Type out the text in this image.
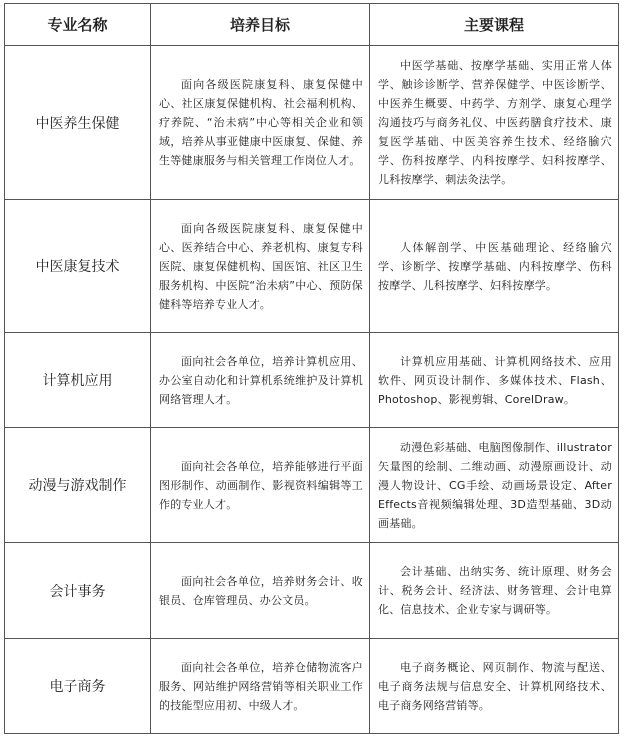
专业名称	培养目标	主要课程
中医养生保健	面向各级医院康复科、康复保健中心、社区康复保健机构、社会福利机构、疗养院、“治未病”中心等相关企业和领域，培养从事亚健康中医康复、保健、养生等健康服务与相关管理工作岗位人才。	中医学基础、按摩学基础、实用正常人体学、触诊诊断学、营养保健学、中医诊断学、中医养生概要、中药学、方剂学、康复心理学沟通技巧与商务礼仪、中医药膳食疗技术、康复医学基础、中医美容养生技术、经络腧穴学、伤科按摩学、内科按摩学、妇科按摩学、儿科按摩学、刺法灸法学。

中医康复技术	面向各级医院康复科、康复保健中心、医养结合中心、养老机构、康复专科医院、康复保健机构、国医馆、社区卫生服务机构、中医院“治未病”中心、预防保健科等培养专业人才。	人体解剖学、中医基础理论、经络腧穴学、诊断学、按摩学基础、内科按摩学、伤科按摩学、儿科按摩学、妇科按摩学。

计算机应用	面向社会各单位，培养计算机应用、办公室自动化和计算机系统维护及计算机网络管理人才。	计算机应用基础、计算机网络技术、应用软件、网页设计制作、多媒体技术、Flash、Photoshop、影视剪辑、CorelDraw。

动漫与游戏制作	面向社会各单位，培养能够进行平面图形制作、动画制作、影视资料编辑等工作的专业人才。	动漫色彩基础、电脑图像制作、illustrator矢量图的绘制、二维动画、动漫原画设计、动漫人物设计、CG手绘、动画场景设定、After Effects音视频编辑处理、3D造型基础、3D动画基础。

会计事务	面向社会各单位，培养财务会计、收银员、仓库管理员、办公文员。	会计基础、出纳实务、统计原理、财务会计、税务会计、经济法、财务管理、会计电算化、信息技术、企业专家与调研等。

电子商务	面向社会各单位，培养仓储物流客户服务、网站维护网络营销等相关职业工作的技能型应用初、中级人才。	电子商务概论、网页制作、物流与配送、电子商务法规与信息安全、计算机网络技术、电子商务网络营销等。
